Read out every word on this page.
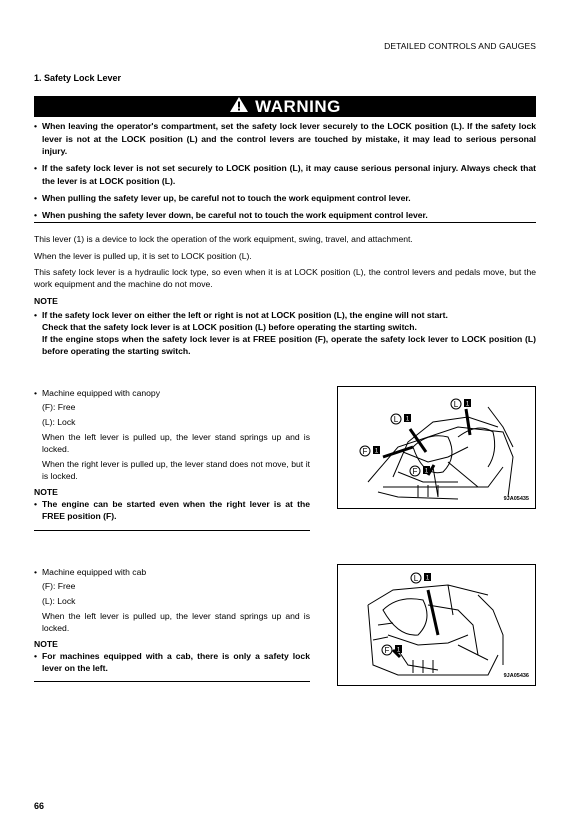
DETAILED CONTROLS AND GAUGES
1. Safety Lock Lever
WARNING
• When leaving the operator's compartment, set the safety lock lever securely to the LOCK position (L). If the safety lock lever is not at the LOCK position (L) and the control levers are touched by mistake, it may lead to serious personal injury.
• If the safety lock lever is not set securely to LOCK position (L), it may cause serious personal injury. Always check that the lever is at LOCK position (L).
• When pulling the safety lever up, be careful not to touch the work equipment control lever.
• When pushing the safety lever down, be careful not to touch the work equipment control lever.
This lever (1) is a device to lock the operation of the work equipment, swing, travel, and attachment.
When the lever is pulled up, it is set to LOCK position (L).
This safety lock lever is a hydraulic lock type, so even when it is at LOCK position (L), the control levers and pedals move, but the work equipment and the machine do not move.
NOTE
• If the safety lock lever on either the left or right is not at LOCK position (L), the engine will not start.
Check that the safety lock lever is at LOCK position (L) before operating the starting switch.
If the engine stops when the safety lock lever is at FREE position (F), operate the safety lock lever to LOCK position (L) before operating the starting switch.
• Machine equipped with canopy
(F): Free
(L): Lock
When the left lever is pulled up, the lever stand springs up and is locked.
When the right lever is pulled up, the lever stand does not move, but it is locked.
NOTE
• The engine can be started even when the right lever is at the FREE position (F).
L 1
L 1
F 1
F 1
9JA05435
• Machine equipped with cab
(F): Free
(L): Lock
When the left lever is pulled up, the lever stand springs up and is locked.
NOTE
• For machines equipped with a cab, there is only a safety lock lever on the left.
L 1
F 1
9JA05436
66
